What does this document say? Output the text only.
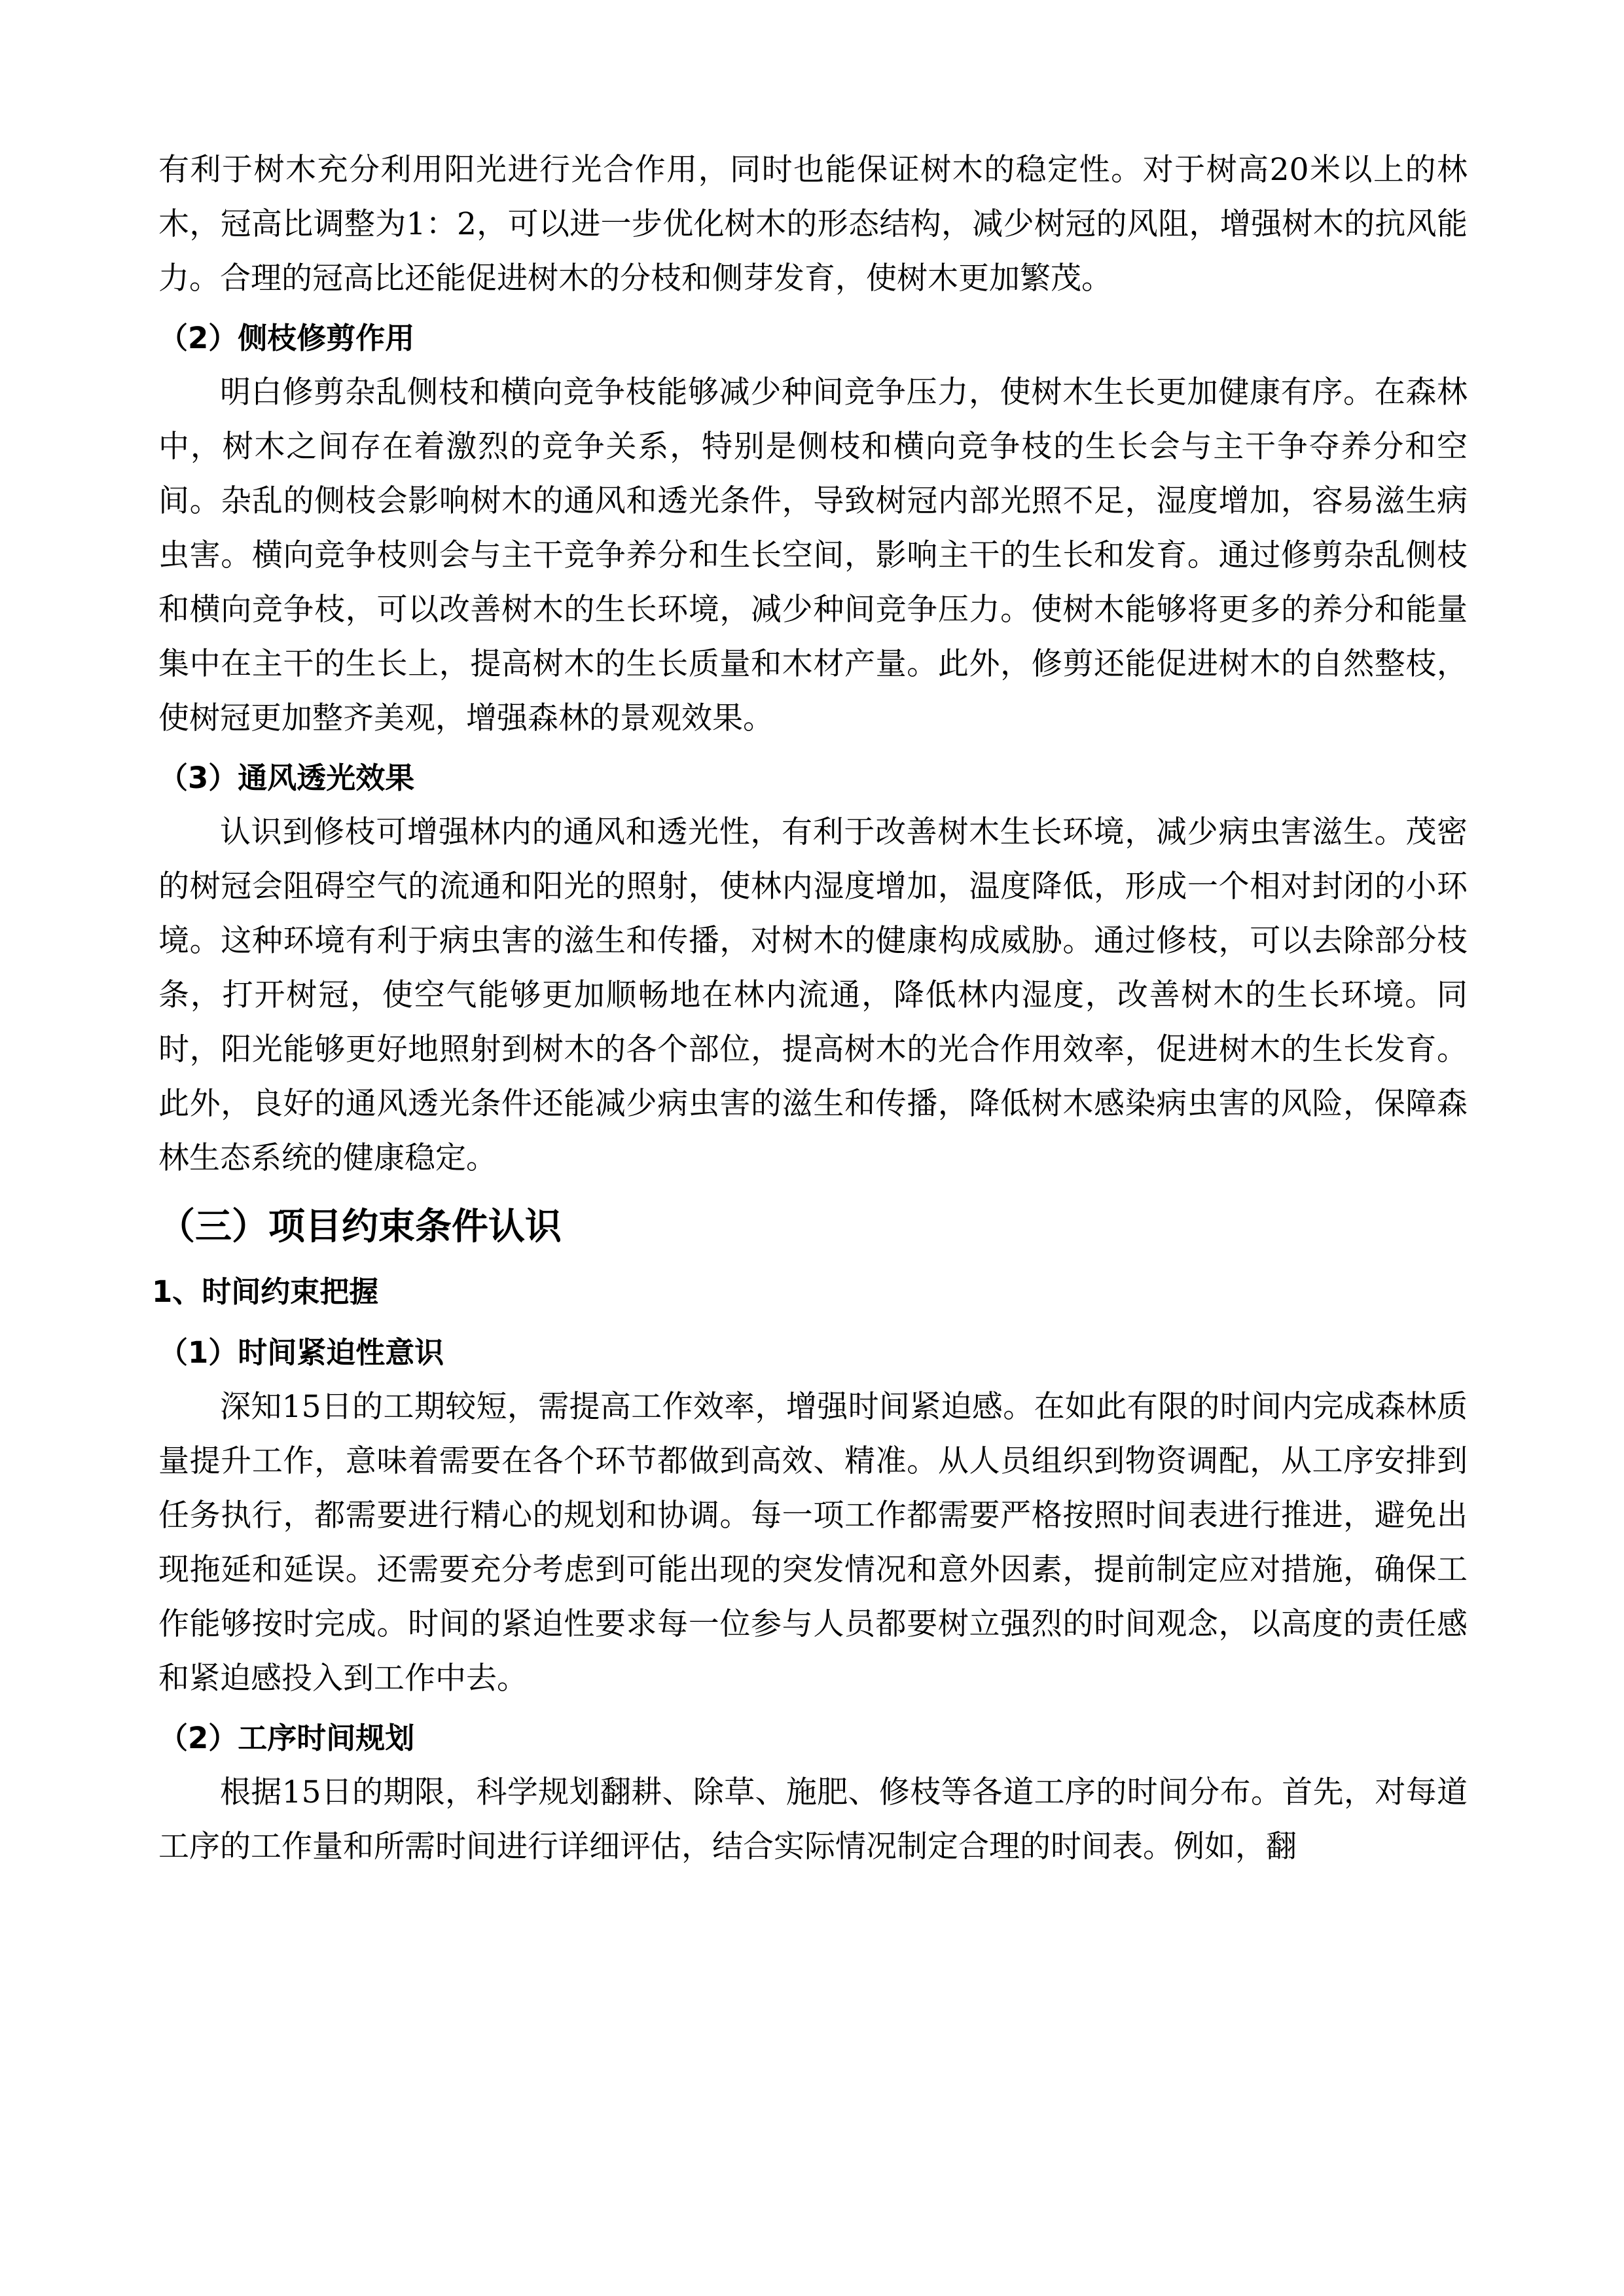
有利于树木充分利用阳光进行光合作用，同时也能保证树木的稳定性。对于树高20米以上的林木，冠高比调整为1：2，可以进一步优化树木的形态结构，减少树冠的风阻，增强树木的抗风能力。合理的冠高比还能促进树木的分枝和侧芽发育，使树木更加繁茂。

（2）侧枝修剪作用

明白修剪杂乱侧枝和横向竞争枝能够减少种间竞争压力，使树木生长更加健康有序。在森林中，树木之间存在着激烈的竞争关系，特别是侧枝和横向竞争枝的生长会与主干争夺养分和空间。杂乱的侧枝会影响树木的通风和透光条件，导致树冠内部光照不足，湿度增加，容易滋生病虫害。横向竞争枝则会与主干竞争养分和生长空间，影响主干的生长和发育。通过修剪杂乱侧枝和横向竞争枝，可以改善树木的生长环境，减少种间竞争压力。使树木能够将更多的养分和能量集中在主干的生长上，提高树木的生长质量和木材产量。此外，修剪还能促进树木的自然整枝，使树冠更加整齐美观，增强森林的景观效果。

（3）通风透光效果

认识到修枝可增强林内的通风和透光性，有利于改善树木生长环境，减少病虫害滋生。茂密的树冠会阻碍空气的流通和阳光的照射，使林内湿度增加，温度降低，形成一个相对封闭的小环境。这种环境有利于病虫害的滋生和传播，对树木的健康构成威胁。通过修枝，可以去除部分枝条，打开树冠，使空气能够更加顺畅地在林内流通，降低林内湿度，改善树木的生长环境。同时，阳光能够更好地照射到树木的各个部位，提高树木的光合作用效率，促进树木的生长发育。此外，良好的通风透光条件还能减少病虫害的滋生和传播，降低树木感染病虫害的风险，保障森林生态系统的健康稳定。

（三）项目约束条件认识
1、时间约束把握
（1）时间紧迫性意识

深知15日的工期较短，需提高工作效率，增强时间紧迫感。在如此有限的时间内完成森林质量提升工作，意味着需要在各个环节都做到高效、精准。从人员组织到物资调配，从工序安排到任务执行，都需要进行精心的规划和协调。每一项工作都需要严格按照时间表进行推进，避免出现拖延和延误。还需要充分考虑到可能出现的突发情况和意外因素，提前制定应对措施，确保工作能够按时完成。时间的紧迫性要求每一位参与人员都要树立强烈的时间观念，以高度的责任感和紧迫感投入到工作中去。

（2）工序时间规划

根据15日的期限，科学规划翻耕、除草、施肥、修枝等各道工序的时间分布。首先，对每道工序的工作量和所需时间进行详细评估，结合实际情况制定合理的时间表。例如，翻
